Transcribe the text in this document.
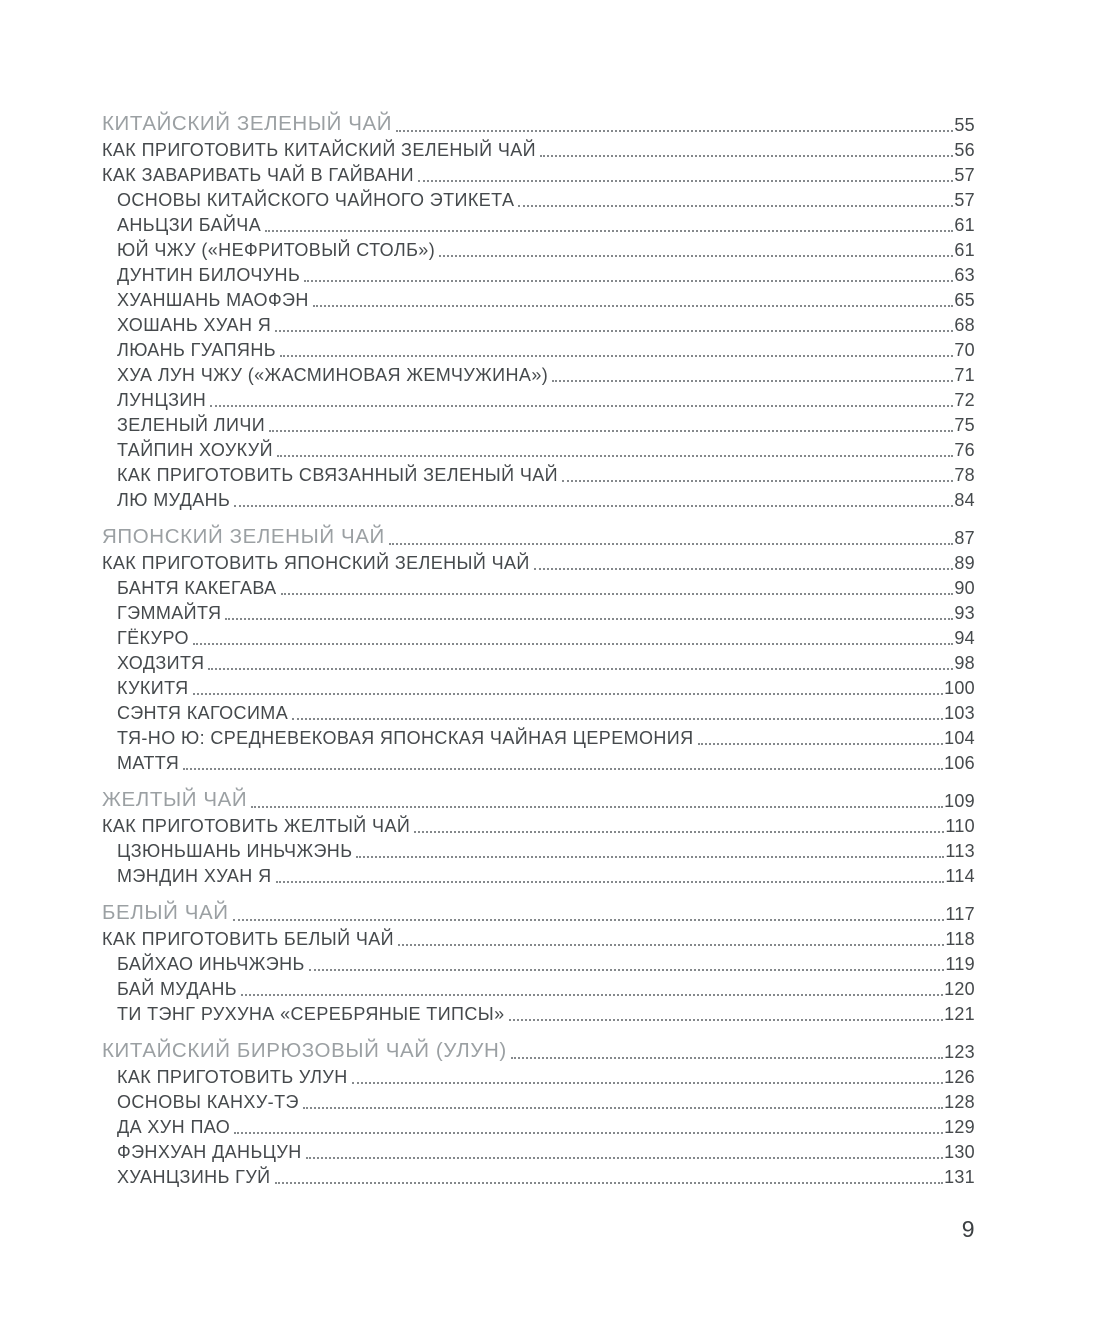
КИТАЙСКИЙ ЗЕЛЕНЫЙ ЧАЙ	55
КАК ПРИГОТОВИТЬ КИТАЙСКИЙ ЗЕЛЕНЫЙ ЧАЙ	56
КАК ЗАВАРИВАТЬ ЧАЙ В ГАЙВАНИ	57
ОСНОВЫ КИТАЙСКОГО ЧАЙНОГО ЭТИКЕТА	57
АНЬЦЗИ БАЙЧА	61
ЮЙ ЧЖУ («НЕФРИТОВЫЙ СТОЛБ»)	61
ДУНТИН БИЛОЧУНЬ	63
ХУАНШАНЬ МАОФЭН	65
ХОШАНЬ ХУАН Я	68
ЛЮАНЬ ГУАПЯНЬ	70
ХУА ЛУН ЧЖУ («ЖАСМИНОВАЯ ЖЕМЧУЖИНА»)	71
ЛУНЦЗИН	72
ЗЕЛЕНЫЙ ЛИЧИ	75
ТАЙПИН ХОУКУЙ	76
КАК ПРИГОТОВИТЬ СВЯЗАННЫЙ ЗЕЛЕНЫЙ ЧАЙ	78
ЛЮ МУДАНЬ	84
ЯПОНСКИЙ ЗЕЛЕНЫЙ ЧАЙ	87
КАК ПРИГОТОВИТЬ ЯПОНСКИЙ ЗЕЛЕНЫЙ ЧАЙ	89
БАНТЯ КАКЕГАВА	90
ГЭММАЙТЯ	93
ГЁКУРО	94
ХОДЗИТЯ	98
КУКИТЯ	100
СЭНТЯ КАГОСИМА	103
ТЯ-НО Ю: СРЕДНЕВЕКОВАЯ ЯПОНСКАЯ ЧАЙНАЯ ЦЕРЕМОНИЯ	104
МАТТЯ	106
ЖЕЛТЫЙ ЧАЙ	109
КАК ПРИГОТОВИТЬ ЖЕЛТЫЙ ЧАЙ	110
ЦЗЮНЬШАНЬ ИНЬЧЖЭНЬ	113
МЭНДИН ХУАН Я	114
БЕЛЫЙ ЧАЙ	117
КАК ПРИГОТОВИТЬ БЕЛЫЙ ЧАЙ	118
БАЙХАО ИНЬЧЖЭНЬ	119
БАЙ МУДАНЬ	120
ТИ ТЭНГ РУХУНА «СЕРЕБРЯНЫЕ ТИПСЫ»	121
КИТАЙСКИЙ БИРЮЗОВЫЙ ЧАЙ (УЛУН)	123
КАК ПРИГОТОВИТЬ УЛУН	126
ОСНОВЫ КАНХУ-ТЭ	128
ДА ХУН ПАО	129
ФЭНХУАН ДАНЬЦУН	130
ХУАНЦЗИНЬ ГУЙ	131
9
